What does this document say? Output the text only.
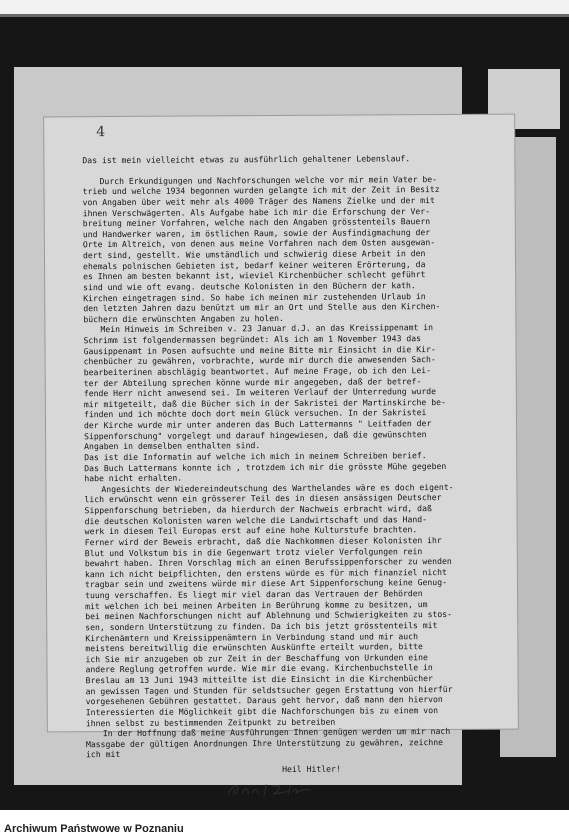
4
Das ist mein vielleicht etwas zu ausführlich gehaltener Lebenslauf.
Durch Erkundigungen und Nachforschungen welche vor mir mein Vater be-
trieb und welche 1934 begonnen wurden gelangte ich mit der Zeit in Besitz
von Angaben über weit mehr als 4000 Träger des Namens Zielke und der mit
ihnen Verschwägerten. Als Aufgabe habe ich mir die Erforschung der Ver-
breitung meiner Vorfahren, welche nach den Angaben grösstenteils Bauern
und Handwerker waren, im östlichen Raum, sowie der Ausfindigmachung der
Orte im Altreich, von denen aus meine Vorfahren nach dem Osten ausgewan-
dert sind, gestellt. Wie umständlich und schwierig diese Arbeit in den
ehemals polnischen Gebieten ist, bedarf keiner weiteren Erörterung, da
es Ihnen am besten bekannt ist, wieviel Kirchenbücher schlecht geführt
sind und wie oft evang. deutsche Kolonisten in den Büchern der kath.
Kirchen eingetragen sind. So habe ich meinen mir zustehenden Urlaub in
den letzten Jahren dazu benützt um mir an Ort und Stelle aus den Kirchen-
büchern die erwünschten Angaben zu holen.
Mein Hinweis im Schreiben v. 23 Januar d.J. an das Kreissippenamt in
Schrimm ist folgendermassen begründet: Als ich am 1 November 1943 das
Gausippenamt in Posen aufsuchte und meine Bitte mir Einsicht in die Kir-
chenbücher zu gewähren, vorbrachte, wurde mir durch die anwesenden Sach-
bearbeiterinen abschlägig beantwortet. Auf meine Frage, ob ich den Lei-
ter der Abteilung sprechen könne wurde mir angegeben, daß der betref-
fende Herr nicht anwesend sei. Im weiteren Verlauf der Unterredung wurde
mir mitgeteilt, daß die Bücher sich in der Sakristei der Martinskirche be-
finden und ich möchte doch dort mein Glück versuchen. In der Sakristei
der Kirche wurde mir unter anderen das Buch Lattermanns " Leitfaden der
Sippenforschung" vorgelegt und darauf hingewiesen, daß die gewünschten
Angaben in demselben enthalten sind.
Das ist die Informatin auf welche ich mich in meinem Schreiben berief.
Das Buch Lattermans konnte ich , trotzdem ich mir die grösste Mühe gegeben
habe nicht erhalten.
Angesichts der Wiedereindeutschung des Warthelandes wäre es doch eigent-
lich erwünscht wenn ein grösserer Teil des in diesen ansässigen Deutscher
Sippenforschung betrieben, da hierdurch der Nachweis erbracht wird, daß
die deutschen Kolonisten waren welche die Landwirtschaft und das Hand-
werk in diesem Teil Europas erst auf eine hohe Kulturstufe brachten.
Ferner wird der Beweis erbracht, daß die Nachkommen dieser Kolonisten ihr
Blut und Volkstum bis in die Gegenwart trotz vieler Verfolgungen rein
bewahrt haben. Ihren Vorschlag mich an einen Berufssippenforscher zu wenden
kann ich nicht beipflichten, den erstens würde es für mich finanziel nicht
tragbar sein und zweitens würde mir diese Art Sippenforschung keine Genug-
tuung verschaffen. Es liegt mir viel daran das Vertrauen der Behörden
mit welchen ich bei meinen Arbeiten in Berührung komme zu besitzen, um
bei meinen Nachforschungen nicht auf Ablehnung und Schwierigkeiten zu stos-
sen, sondern Unterstützung zu finden. Da ich bis jetzt grösstenteils mit
Kirchenämtern und Kreissippenämtern in Verbindung stand und mir auch
meistens bereitwillig die erwünschten Auskünfte erteilt wurden, bitte
ich Sie mir anzugeben ob zur Zeit in der Beschaffung von Urkunden eine
andere Reglung getroffen wurde. Wie mir die evang. Kirchenbuchstelle in
Breslau am 13 Juni 1943 mitteilte ist die Einsicht in die Kirchenbücher
an gewissen Tagen und Stunden für seldstsucher gegen Erstattung von hierfür
vorgesehenen Gebühren gestattet. Daraus geht hervor, daß mann den hiervon
Interessierten die Möglichkeit gibt die Nachforschungen bis zu einem von
ihnen selbst zu bestimmenden Zeitpunkt zu betreiben
In der Hoffnung daß meine Ausführungen Ihnen genügen werden um mir nach
Massgabe der gültigen Anordnungen Ihre Unterstützung zu gewähren, zeichne
ich mit
Heil Hitler!
Archiwum Państwowe w Poznaniu
